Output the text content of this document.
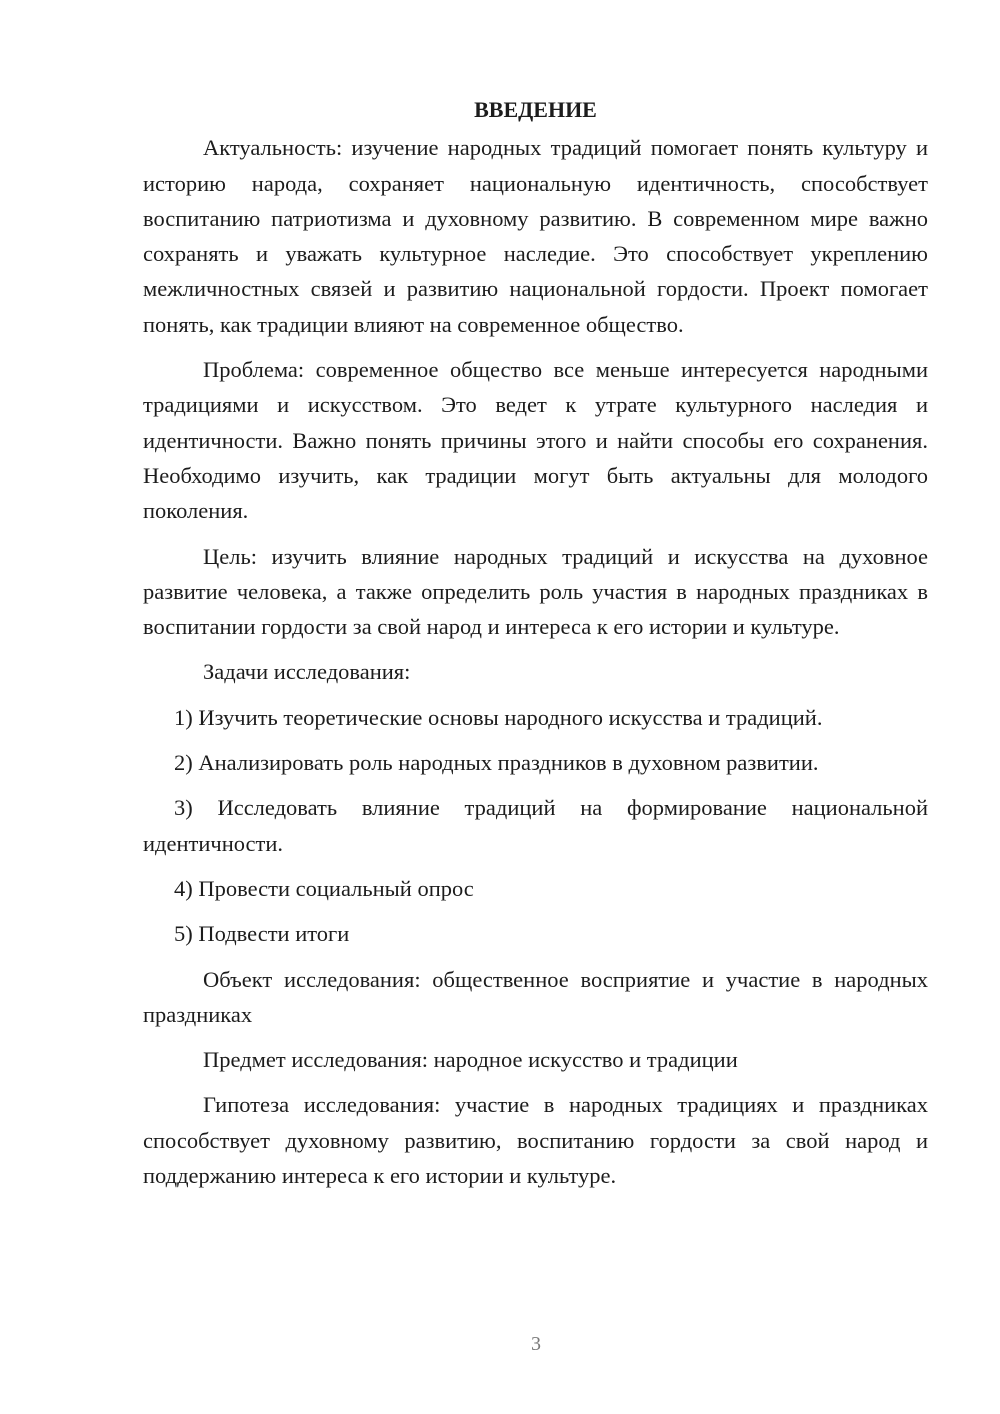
ВВЕДЕНИЕ

Актуальность: изучение народных традиций помогает понять культуру и историю народа, сохраняет национальную идентичность, способствует воспитанию патриотизма и духовному развитию. В современном мире важно сохранять и уважать культурное наследие. Это способствует укреплению межличностных связей и развитию национальной гордости. Проект помогает понять, как традиции влияют на современное общество.

Проблема: современное общество все меньше интересуется народными традициями и искусством. Это ведет к утрате культурного наследия и идентичности. Важно понять причины этого и найти способы его сохранения. Необходимо изучить, как традиции могут быть актуальны для молодого поколения.

Цель: изучить влияние народных традиций и искусства на духовное развитие человека, а также определить роль участия в народных праздниках в воспитании гордости за свой народ и интереса к его истории и культуре.

Задачи исследования:

1) Изучить теоретические основы народного искусства и традиций.

2) Анализировать роль народных праздников в духовном развитии.

3) Исследовать влияние традиций на формирование национальной идентичности.

4) Провести социальный опрос

5) Подвести итоги

Объект исследования: общественное восприятие и участие в народных праздниках

Предмет исследования: народное искусство и традиции

Гипотеза исследования: участие в народных традициях и праздниках способствует духовному развитию, воспитанию гордости за свой народ и поддержанию интереса к его истории и культуре.

3
